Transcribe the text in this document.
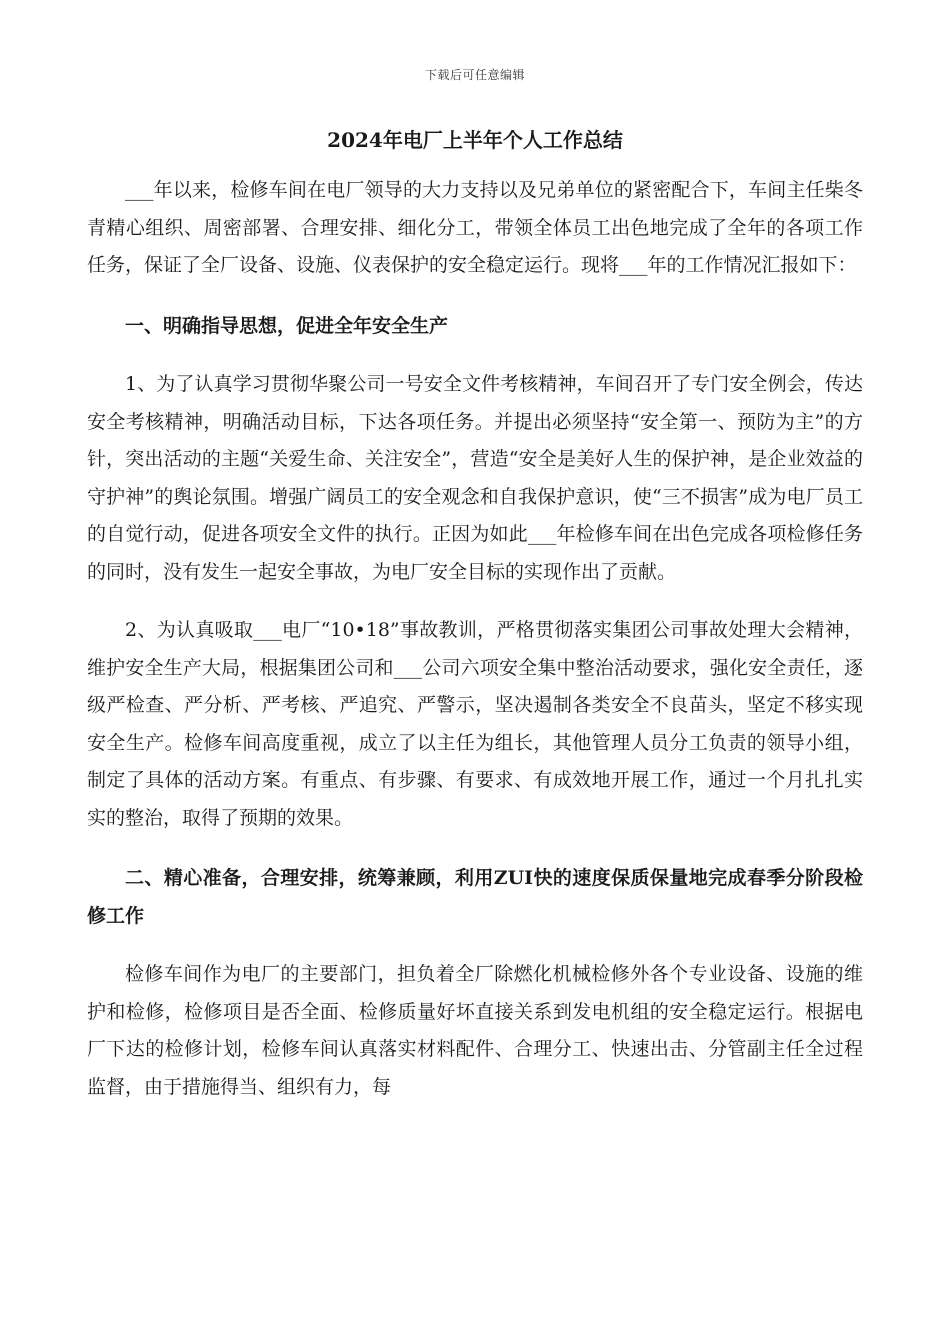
下载后可任意编辑
2024年电厂上半年个人工作总结

___年以来，检修车间在电厂领导的大力支持以及兄弟单位的紧密配合下，车间主任柴冬青精心组织、周密部署、合理安排、细化分工，带领全体员工出色地完成了全年的各项工作任务，保证了全厂设备、设施、仪表保护的安全稳定运行。现将___年的工作情况汇报如下：

一、明确指导思想，促进全年安全生产

1、为了认真学习贯彻华聚公司一号安全文件考核精神，车间召开了专门安全例会，传达安全考核精神，明确活动目标，下达各项任务。并提出必须坚持“安全第一、预防为主”的方针，突出活动的主题“关爱生命、关注安全”，营造“安全是美好人生的保护神，是企业效益的守护神”的舆论氛围。增强广阔员工的安全观念和自我保护意识，使“三不损害”成为电厂员工的自觉行动，促进各项安全文件的执行。正因为如此___年检修车间在出色完成各项检修任务的同时，没有发生一起安全事故，为电厂安全目标的实现作出了贡献。

2、为认真吸取___电厂“10•18”事故教训，严格贯彻落实集团公司事故处理大会精神，维护安全生产大局，根据集团公司和___公司六项安全集中整治活动要求，强化安全责任，逐级严检查、严分析、严考核、严追究、严警示，坚决遏制各类安全不良苗头，坚定不移实现安全生产。检修车间高度重视，成立了以主任为组长，其他管理人员分工负责的领导小组，制定了具体的活动方案。有重点、有步骤、有要求、有成效地开展工作，通过一个月扎扎实实的整治，取得了预期的效果。

二、精心准备，合理安排，统筹兼顾，利用ZUI快的速度保质保量地完成春季分阶段检修工作

检修车间作为电厂的主要部门，担负着全厂除燃化机械检修外各个专业设备、设施的维护和检修，检修项目是否全面、检修质量好坏直接关系到发电机组的安全稳定运行。根据电厂下达的检修计划，检修车间认真落实材料配件、合理分工、快速出击、分管副主任全过程监督，由于措施得当、组织有力，每
